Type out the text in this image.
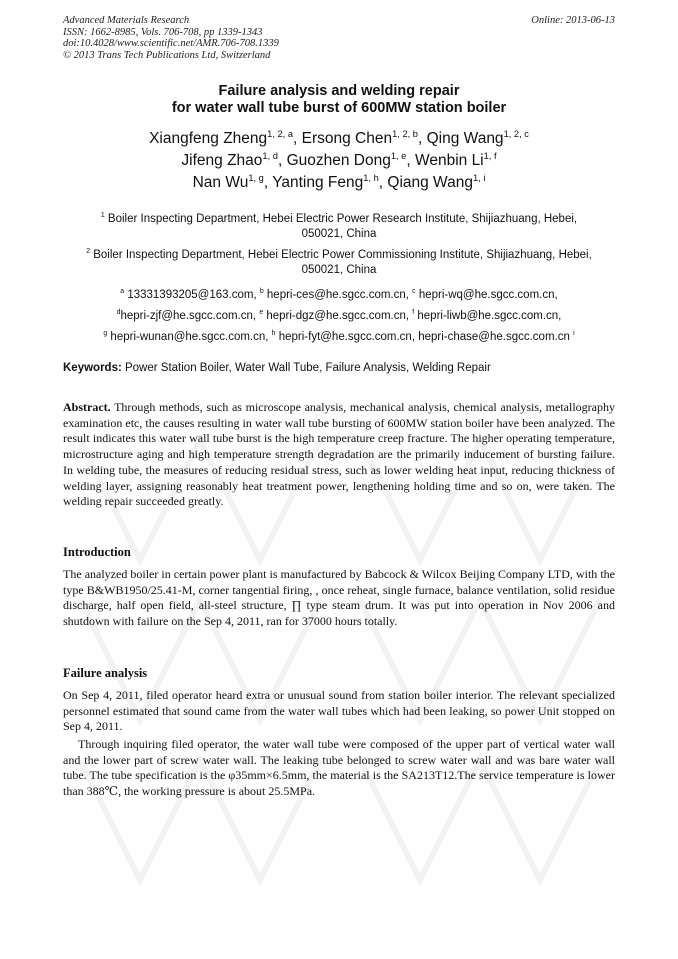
Advanced Materials Research
ISSN: 1662-8985, Vols. 706-708, pp 1339-1343
doi:10.4028/www.scientific.net/AMR.706-708.1339
© 2013 Trans Tech Publications Ltd, Switzerland
Online: 2013-06-13
Failure analysis and welding repair
for water wall tube burst of 600MW station boiler
Xiangfeng Zheng$^{1, 2, a}$, Ersong Chen$^{1, 2, b}$, Qing Wang$^{1, 2, c}$
Jifeng Zhao$^{1, d}$, Guozhen Dong$^{1, e}$, Wenbin Li$^{1, f}$
Nan Wu$^{1, g}$, Yanting Feng$^{1, h}$, Qiang Wang$^{1, i}$
$^1$ Boiler Inspecting Department, Hebei Electric Power Research Institute, Shijiazhuang, Hebei,
050021, China
$^2$ Boiler Inspecting Department, Hebei Electric Power Commissioning Institute, Shijiazhuang, Hebei,
050021, China
$^a$ 13331393205@163.com, $^b$ hepri-ces@he.sgcc.com.cn, $^c$ hepri-wq@he.sgcc.com.cn,
$^d$hepri-zjf@he.sgcc.com.cn, $^e$ hepri-dgz@he.sgcc.com.cn, $^f$ hepri-liwb@he.sgcc.com.cn,
$^g$ hepri-wunan@he.sgcc.com.cn, $^h$ hepri-fyt@he.sgcc.com.cn, hepri-chase@he.sgcc.com.cn $^i$
Keywords: Power Station Boiler, Water Wall Tube, Failure Analysis, Welding Repair
Abstract. Through methods, such as microscope analysis, mechanical analysis, chemical analysis, metallography examination etc, the causes resulting in water wall tube bursting of 600MW station boiler have been analyzed. The result indicates this water wall tube burst is the high temperature creep fracture. The higher operating temperature, microstructure aging and high temperature strength degradation are the primarily inducement of bursting failure. In welding tube, the measures of reducing residual stress, such as lower welding heat input, reducing thickness of welding layer, assigning reasonably heat treatment power, lengthening holding time and so on, were taken. The welding repair succeeded greatly.
Introduction
The analyzed boiler in certain power plant is manufactured by Babcock & Wilcox Beijing Company LTD, with the type B&WB1950/25.41-M, corner tangential firing, , once reheat, single furnace, balance ventilation, solid residue discharge, half open field, all-steel structure, ∏ type steam drum. It was put into operation in Nov 2006 and shutdown with failure on the Sep 4, 2011, ran for 37000 hours totally.
Failure analysis
On Sep 4, 2011, filed operator heard extra or unusual sound from station boiler interior. The relevant specialized personnel estimated that sound came from the water wall tubes which had been leaking, so power Unit stopped on Sep 4, 2011.
Through inquiring filed operator, the water wall tube were composed of the upper part of vertical water wall and the lower part of screw water wall. The leaking tube belonged to screw water wall and was bare water wall tube. The tube specification is the φ35mm×6.5mm, the material is the SA213T12.The service temperature is lower than 388℃, the working pressure is about 25.5MPa.
